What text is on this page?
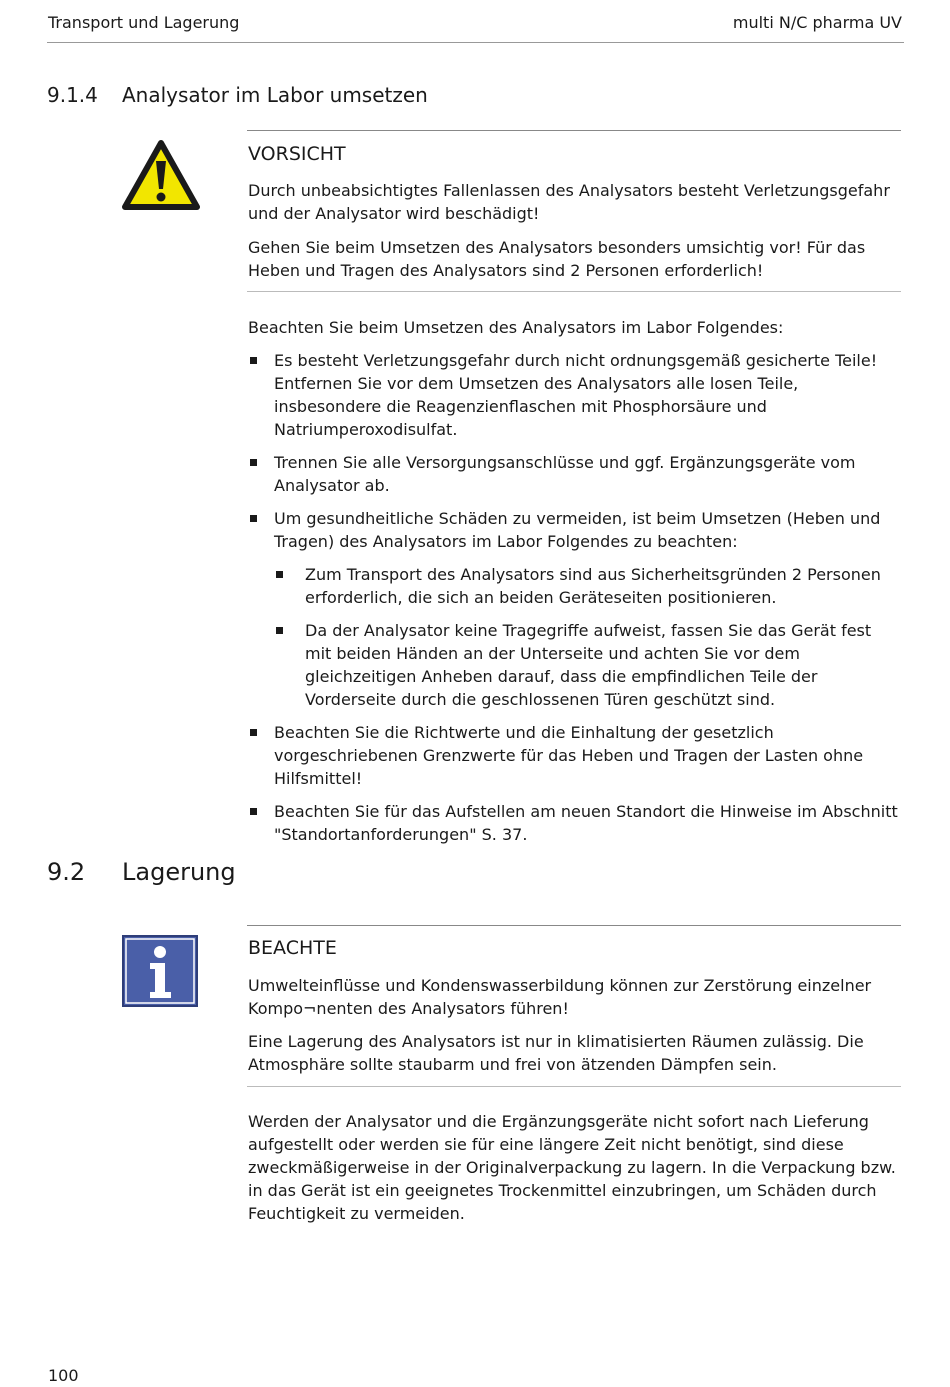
Transport und Lagerung	multi N/C pharma UV
9.1.4 Analysator im Labor umsetzen
VORSICHT

Durch unbeabsichtigtes Fallenlassen des Analysators besteht Verletzungsgefahr und der Analysator wird beschädigt!

Gehen Sie beim Umsetzen des Analysators besonders umsichtig vor! Für das Heben und Tragen des Analysators sind 2 Personen erforderlich!

Beachten Sie beim Umsetzen des Analysators im Labor Folgendes:

Es besteht Verletzungsgefahr durch nicht ordnungsgemäß gesicherte Teile! Entfernen Sie vor dem Umsetzen des Analysators alle losen Teile, insbesondere die Reagenzienflaschen mit Phosphorsäure und Natriumperoxodisulfat.
Trennen Sie alle Versorgungsanschlüsse und ggf. Ergänzungsgeräte vom Analysator ab.
Um gesundheitliche Schäden zu vermeiden, ist beim Umsetzen (Heben und Tragen) des Analysators im Labor Folgendes zu beachten:
Zum Transport des Analysators sind aus Sicherheitsgründen 2 Personen erforderlich, die sich an beiden Geräteseiten positionieren.
Da der Analysator keine Tragegriffe aufweist, fassen Sie das Gerät fest mit beiden Händen an der Unterseite und achten Sie vor dem gleichzeitigen Anheben darauf, dass die empfindlichen Teile der Vorderseite durch die geschlossenen Türen geschützt sind.
Beachten Sie die Richtwerte und die Einhaltung der gesetzlich vorgeschriebenen Grenzwerte für das Heben und Tragen der Lasten ohne Hilfsmittel!
Beachten Sie für das Aufstellen am neuen Standort die Hinweise im Abschnitt "Standortanforderungen" S. 37.
9.2 Lagerung
BEACHTE

Umwelteinflüsse und Kondenswasserbildung können zur Zerstörung einzelner Kompo¬nenten des Analysators führen!

Eine Lagerung des Analysators ist nur in klimatisierten Räumen zulässig. Die Atmosphäre sollte staubarm und frei von ätzenden Dämpfen sein.

Werden der Analysator und die Ergänzungsgeräte nicht sofort nach Lieferung aufgestellt oder werden sie für eine längere Zeit nicht benötigt, sind diese zweckmäßigerweise in der Originalverpackung zu lagern. In die Verpackung bzw. in das Gerät ist ein geeignetes Trockenmittel einzubringen, um Schäden durch Feuchtigkeit zu vermeiden.

100
